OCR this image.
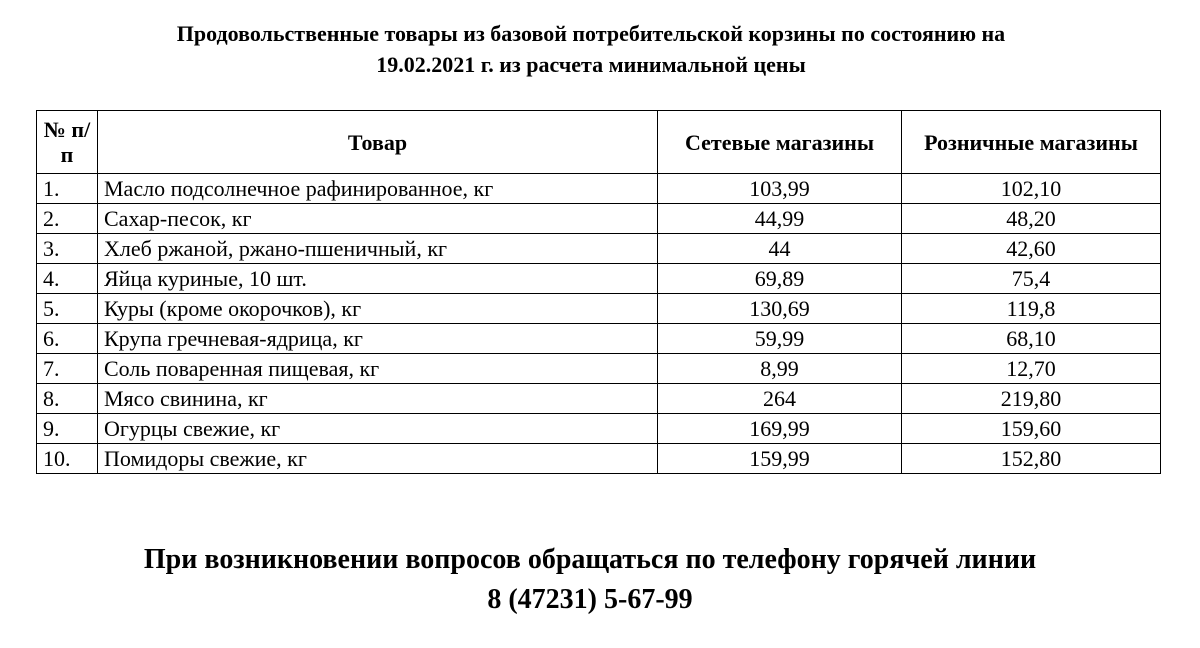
Продовольственные товары из базовой потребительской корзины по состоянию на
19.02.2021 г. из расчета минимальной цены
№ п/п	Товар	Сетевые магазины	Розничные магазины
1.	Масло подсолнечное рафинированное, кг	103,99	102,10
2.	Сахар-песок, кг	44,99	48,20
3.	Хлеб ржаной, ржано-пшеничный, кг	44	42,60
4.	Яйца куриные, 10 шт.	69,89	75,4
5.	Куры (кроме окорочков), кг	130,69	119,8
6.	Крупа гречневая-ядрица, кг	59,99	68,10
7.	Соль поваренная пищевая, кг	8,99	12,70
8.	Мясо свинина, кг	264	219,80
9.	Огурцы свежие, кг	169,99	159,60
10.	Помидоры свежие, кг	159,99	152,80
При возникновении вопросов обращаться по телефону горячей линии
8 (47231) 5-67-99
